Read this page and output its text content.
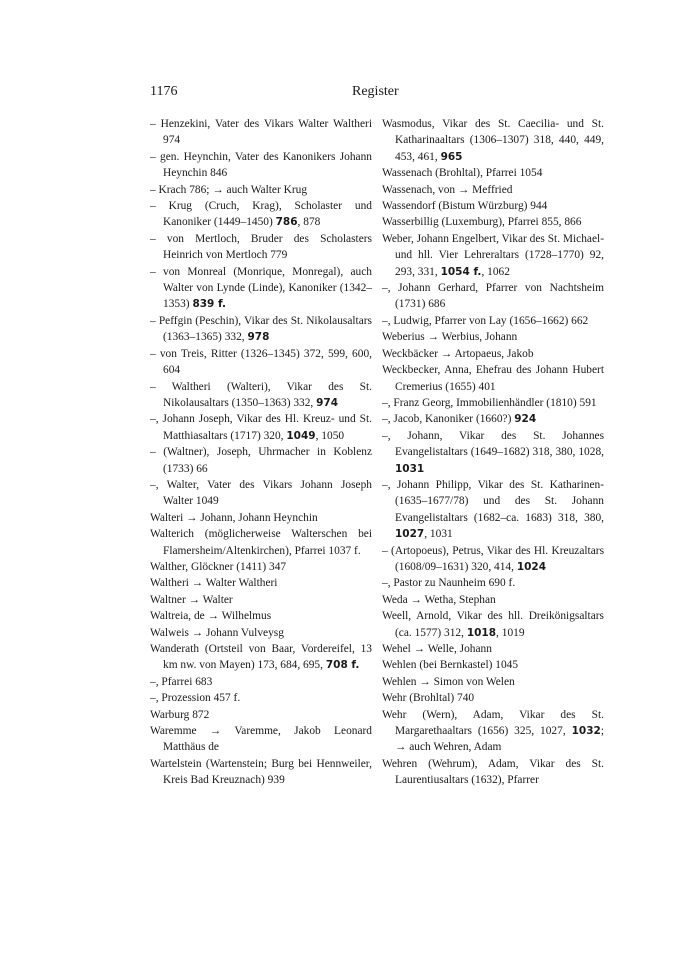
1176	Register
– Henzekini, Vater des Vikars Walter Waltheri 974
– gen. Heynchin, Vater des Kanonikers Johann Heynchin 846
– Krach 786; → auch Walter Krug
– Krug (Cruch, Krag), Scholaster und Kanoniker (1449–1450) 786, 878
– von Mertloch, Bruder des Scholasters Heinrich von Mertloch 779
– von Monreal (Monrique, Monregal), auch Walter von Lynde (Linde), Kanoniker (1342–1353) 839 f.
– Peffgin (Peschin), Vikar des St. Nikolausaltars (1363–1365) 332, 978
– von Treis, Ritter (1326–1345) 372, 599, 600, 604
– Waltheri (Walteri), Vikar des St. Nikolausaltars (1350–1363) 332, 974
–, Johann Joseph, Vikar des Hl. Kreuz- und St. Matthiasaltars (1717) 320, 1049, 1050
– (Waltner), Joseph, Uhrmacher in Koblenz (1733) 66
–, Walter, Vater des Vikars Johann Joseph Walter 1049
Walteri → Johann, Johann Heynchin
Walterich (möglicherweise Walterschen bei Flamersheim/Altenkirchen), Pfarrei 1037 f.
Walther, Glöckner (1411) 347
Waltheri → Walter Waltheri
Waltner → Walter
Waltreia, de → Wilhelmus
Walweis → Johann Vulveysg
Wanderath (Ortsteil von Baar, Vordereifel, 13 km nw. von Mayen) 173, 684, 695, 708 f.
–, Pfarrei 683
–, Prozession 457 f.
Warburg 872
Waremme → Varemme, Jakob Leonard Matthäus de
Wartelstein (Wartenstein; Burg bei Hennweiler, Kreis Bad Kreuznach) 939
Wasmodus, Vikar des St. Caecilia- und St. Katharinaaltars (1306–1307) 318, 440, 449, 453, 461, 965
Wassenach (Brohltal), Pfarrei 1054
Wassenach, von → Meffried
Wassendorf (Bistum Würzburg) 944
Wasserbillig (Luxemburg), Pfarrei 855, 866
Weber, Johann Engelbert, Vikar des St. Michael- und hll. Vier Lehreraltars (1728–1770) 92, 293, 331, 1054 f., 1062
–, Johann Gerhard, Pfarrer von Nachtsheim (1731) 686
–, Ludwig, Pfarrer von Lay (1656–1662) 662
Weberius → Werbius, Johann
Weckbäcker → Artopaeus, Jakob
Weckbecker, Anna, Ehefrau des Johann Hubert Cremerius (1655) 401
–, Franz Georg, Immobilienhändler (1810) 591
–, Jacob, Kanoniker (1660?) 924
–, Johann, Vikar des St. Johannes Evangelistaltars (1649–1682) 318, 380, 1028, 1031
–, Johann Philipp, Vikar des St. Katharinen- (1635–1677/78) und des St. Johann Evangelistaltars (1682–ca. 1683) 318, 380, 1027, 1031
– (Artopoeus), Petrus, Vikar des Hl. Kreuzaltars (1608/09–1631) 320, 414, 1024
–, Pastor zu Naunheim 690 f.
Weda → Wetha, Stephan
Weell, Arnold, Vikar des hll. Dreikönigsaltars (ca. 1577) 312, 1018, 1019
Wehel → Welle, Johann
Wehlen (bei Bernkastel) 1045
Wehlen → Simon von Welen
Wehr (Brohltal) 740
Wehr (Wern), Adam, Vikar des St. Margarethaaltars (1656) 325, 1027, 1032; → auch Wehren, Adam
Wehren (Wehrum), Adam, Vikar des St. Laurentiusaltars (1632), Pfarrer
